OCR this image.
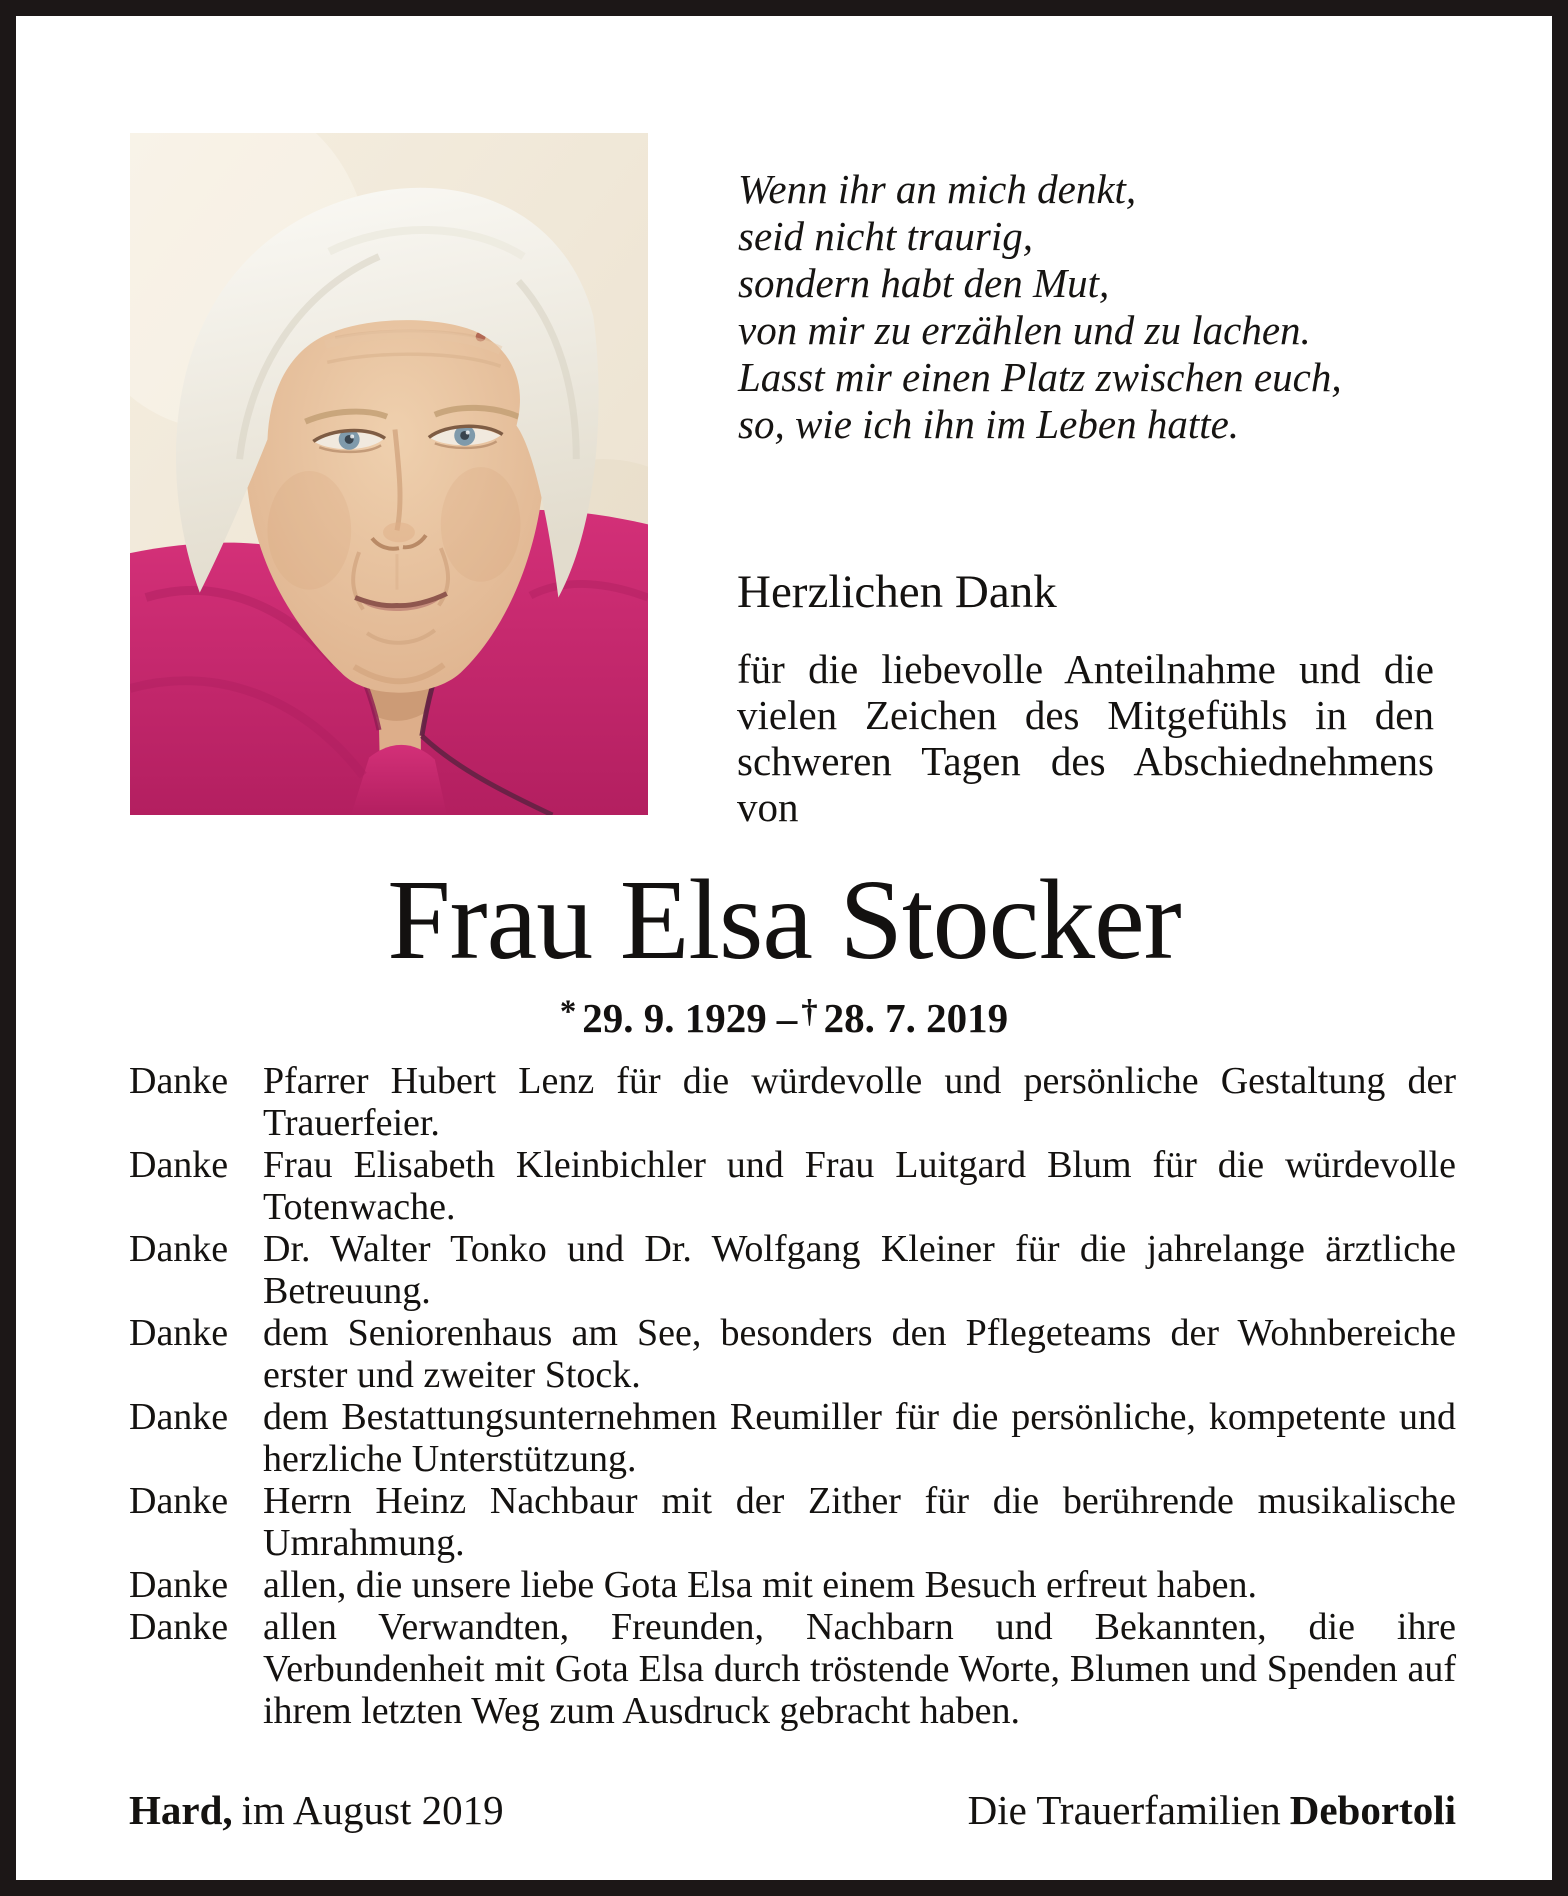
Wenn ihr an mich denkt,
seid nicht traurig,
sondern habt den Mut,
von mir zu erzählen und zu lachen.
Lasst mir einen Platz zwischen euch,
so, wie ich ihn im Leben hatte.
Herzlichen Dank
für die liebevolle Anteilnahme und die vielen Zeichen des Mitgefühls in den schweren Tagen des Abschiednehmens von
Frau Elsa Stocker
* 29. 9. 1929 – † 28. 7. 2019
Danke Pfarrer Hubert Lenz für die würdevolle und persönliche Gestaltung der Trauerfeier.
Danke Frau Elisabeth Kleinbichler und Frau Luitgard Blum für die würdevolle Totenwache.
Danke Dr. Walter Tonko und Dr. Wolfgang Kleiner für die jahrelange ärztliche Betreuung.
Danke dem Seniorenhaus am See, besonders den Pflegeteams der Wohnbereiche erster und zweiter Stock.
Danke dem Bestattungsunternehmen Reumiller für die persönliche, kompetente und herzliche Unterstützung.
Danke Herrn Heinz Nachbaur mit der Zither für die berührende musikalische Umrahmung.
Danke allen, die unsere liebe Gota Elsa mit einem Besuch erfreut haben.
Danke allen Verwandten, Freunden, Nachbarn und Bekannten, die ihre Verbundenheit mit Gota Elsa durch tröstende Worte, Blumen und Spenden auf ihrem letzten Weg zum Ausdruck gebracht haben.
Hard, im August 2019	Die Trauerfamilien Debortoli
